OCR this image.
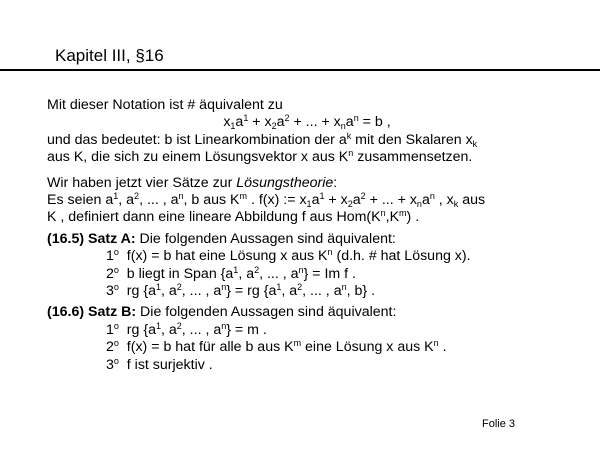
Kapitel III, §16

Mit dieser Notation ist # äquivalent zu

$x_1a^1 + x_2a^2$ + ... + $x_na^n = b$ ,

und das bedeutet: b ist Linearkombination der $a^k$ mit den Skalaren $x_k$

aus K, die sich zu einem Lösungsvektor x aus $K^n$ zusammensetzen.

Wir haben jetzt vier Sätze zur Lösungstheorie:

Es seien $a^1$, $a^2$, ... , $a^n$, b aus $K^m$ . f(x) := $x_1a^1 + x_2a^2$ + ... + $x_na^n$ , $x_k$ aus

K , definiert dann eine lineare Abbildung f aus $Hom(K^n,K^m)$ .

(16.5) Satz A: Die folgenden Aussagen sind äquivalent:

1$^o$ f(x) = b hat eine Lösung x aus $K^n$ (d.h. # hat Lösung x).

2$^o$ b liegt in Span {$a^1$, $a^2$, ... , $a^n\} = Im$ f .

3$^o$ rg {$a^1$, $a^2$, ... , $a^n$} = rg {$a^1$, $a^2$, ... , $a^n$, b} .

(16.6) Satz B: Die folgenden Aussagen sind äquivalent:

1$^o$ rg {$a^1$, $a^2$, ... , $a^n\} = m$ .

2$^o$ f(x) = b hat für alle b aus $K^m$ eine Lösung x aus $K^n$ .

3$^o$ f ist surjektiv .

Folie 3
